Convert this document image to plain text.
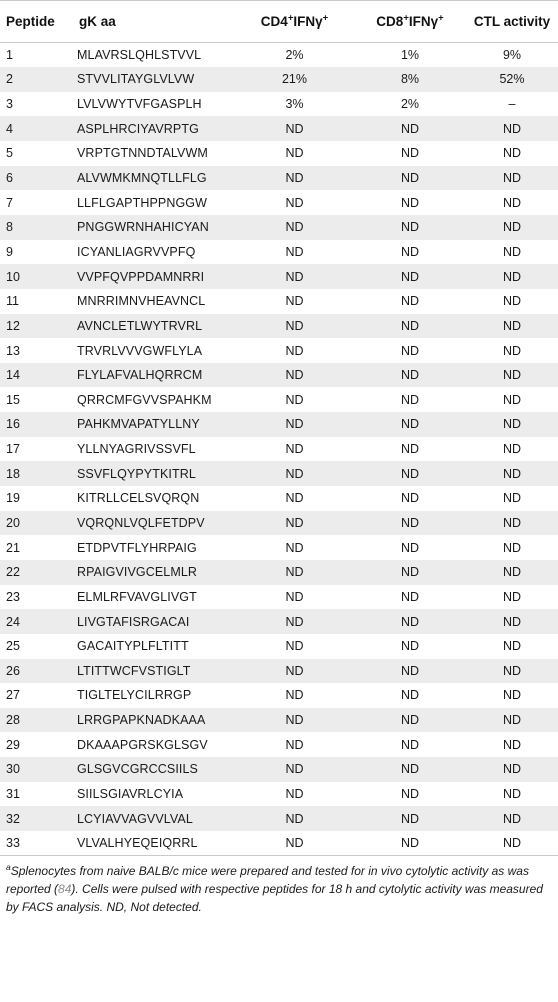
Peptide	gK aa	CD4+IFNγ+	CD8+IFNγ+	CTL activity
1	MLAVRSLQHLSTVVL	2%	1%	9%
2	STVVLITAYGLVLVW	21%	8%	52%
3	LVLVWYTVFGASPLH	3%	2%	–
4	ASPLHRCIYAVRPTG	ND	ND	ND
5	VRPTGTNNDTALVWM	ND	ND	ND
6	ALVWMKMNQTLLFLG	ND	ND	ND
7	LLFLGAPTHPPNGGW	ND	ND	ND
8	PNGGWRNHAHICYAN	ND	ND	ND
9	ICYANLIAGRVVPFQ	ND	ND	ND
10	VVPFQVPPDAMNRRI	ND	ND	ND
11	MNRRIMNVHEAVNCL	ND	ND	ND
12	AVNCLETLWYTRVRL	ND	ND	ND
13	TRVRLVVVGWFLYLA	ND	ND	ND
14	FLYLAFVALHQRRCM	ND	ND	ND
15	QRRCMFGVVSPAHKM	ND	ND	ND
16	PAHKMVAPATYLLNY	ND	ND	ND
17	YLLNYAGRIVSSVFL	ND	ND	ND
18	SSVFLQYPYTKITRL	ND	ND	ND
19	KITRLLCELSVQRQN	ND	ND	ND
20	VQRQNLVQLFETDPV	ND	ND	ND
21	ETDPVTFLYHRPAIG	ND	ND	ND
22	RPAIGVIVGCELMLR	ND	ND	ND
23	ELMLRFVAVGLIVGT	ND	ND	ND
24	LIVGTAFISRGACAI	ND	ND	ND
25	GACAITYPLFLTITT	ND	ND	ND
26	LTITTWCFVSTIGLT	ND	ND	ND
27	TIGLTELYCILRRGP	ND	ND	ND
28	LRRGPAPKNADKAAA	ND	ND	ND
29	DKAAAPGRSKGLSGV	ND	ND	ND
30	GLSGVCGRCCSIILS	ND	ND	ND
31	SIILSGIAVRLCYIA	ND	ND	ND
32	LCYIAVVAGVVLVAL	ND	ND	ND
33	VLVALHYEQEIQRRL	ND	ND	ND
$^a$Splenocytes from naive BALB/c mice were prepared and tested for in vivo cytolytic activity as was reported (84). Cells were pulsed with respective peptides for 18 h and cytolytic activity was measured by FACS analysis. ND, Not detected.
